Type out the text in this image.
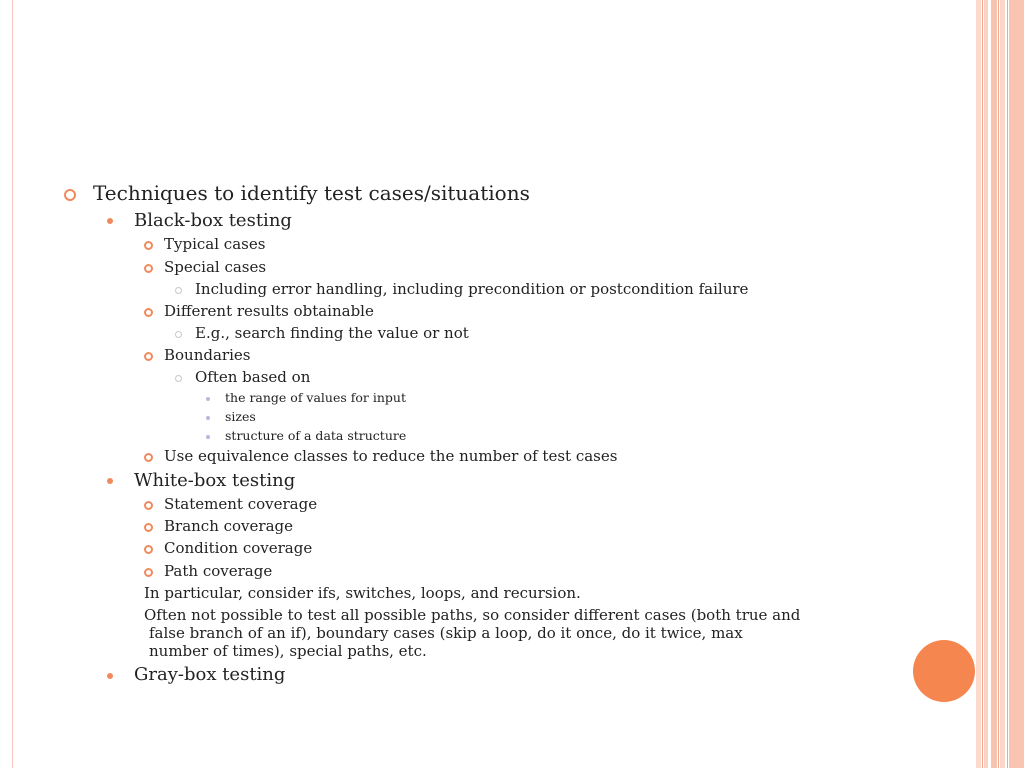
Techniques to identify test cases/situations
Black-box testing
Typical cases
Special cases
Including error handling, including precondition or postcondition failure
Different results obtainable
E.g., search finding the value or not
Boundaries
Often based on
the range of values for input
sizes
structure of a data structure
Use equivalence classes to reduce the number of test cases
White-box testing
Statement coverage
Branch coverage
Condition coverage
Path coverage
In particular, consider ifs, switches, loops, and recursion.
Often not possible to test all possible paths, so consider different cases (both true and
false branch of an if), boundary cases (skip a loop, do it once, do it twice, max
number of times), special paths, etc.
Gray-box testing
